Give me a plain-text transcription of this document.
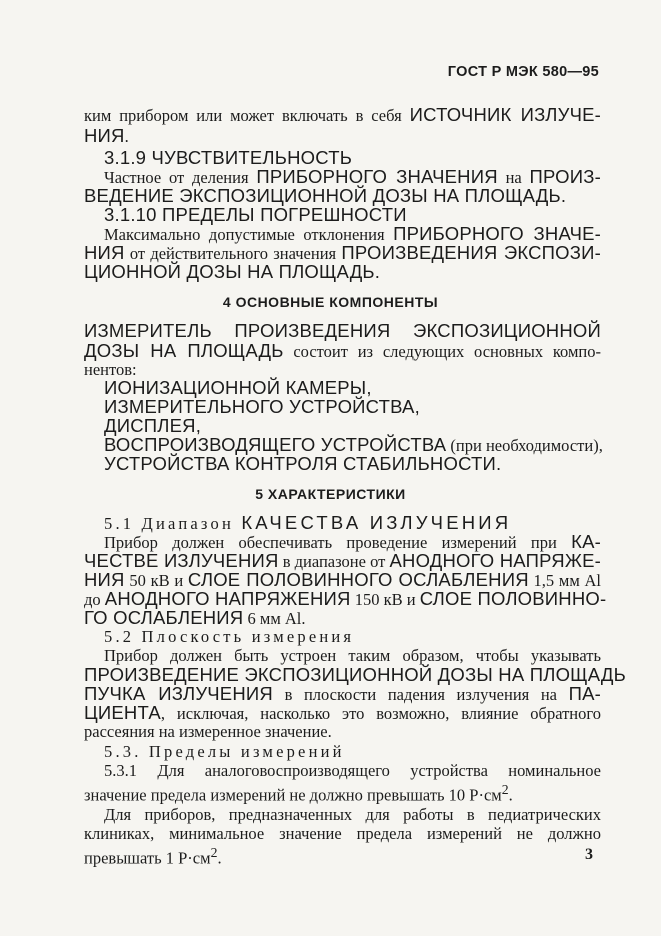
ГОСТ Р МЭК 580—95
ким прибором или может включать в себя ИСТОЧНИК ИЗЛУЧЕ-
НИЯ.
3.1.9 ЧУВСТВИТЕЛЬНОСТЬ
Частное от деления ПРИБОРНОГО ЗНАЧЕНИЯ на ПРОИЗ-
ВЕДЕНИЕ ЭКСПОЗИЦИОННОЙ ДОЗЫ НА ПЛОЩАДЬ.
3.1.10 ПРЕДЕЛЫ ПОГРЕШНОСТИ
Максимально допустимые отклонения ПРИБОРНОГО ЗНАЧЕ-
НИЯ от действительного значения ПРОИЗВЕДЕНИЯ ЭКСПОЗИ-
ЦИОННОЙ ДОЗЫ НА ПЛОЩАДЬ.
4 ОСНОВНЫЕ КОМПОНЕНТЫ
ИЗМЕРИТЕЛЬ ПРОИЗВЕДЕНИЯ ЭКСПОЗИЦИОННОЙ
ДОЗЫ НА ПЛОЩАДЬ состоит из следующих основных компо-
нентов:
ИОНИЗАЦИОННОЙ КАМЕРЫ,
ИЗМЕРИТЕЛЬНОГО УСТРОЙСТВА,
ДИСПЛЕЯ,
ВОСПРОИЗВОДЯЩЕГО УСТРОЙСТВА (при необходимости),
УСТРОЙСТВА КОНТРОЛЯ СТАБИЛЬНОСТИ.
5 ХАРАКТЕРИСТИКИ
5.1 Диапазон КАЧЕСТВА ИЗЛУЧЕНИЯ
Прибор должен обеспечивать проведение измерений при КА-
ЧЕСТВЕ ИЗЛУЧЕНИЯ в диапазоне от АНОДНОГО НАПРЯЖЕ-
НИЯ 50 кВ и СЛОЕ ПОЛОВИННОГО ОСЛАБЛЕНИЯ 1,5 мм Al
до АНОДНОГО НАПРЯЖЕНИЯ 150 кВ и СЛОЕ ПОЛОВИННО-
ГО ОСЛАБЛЕНИЯ 6 мм Al.
5.2 Плоскость измерения
Прибор должен быть устроен таким образом, чтобы указывать
ПРОИЗВЕДЕНИЕ ЭКСПОЗИЦИОННОЙ ДОЗЫ НА ПЛОЩАДЬ
ПУЧКА ИЗЛУЧЕНИЯ в плоскости падения излучения на ПА-
ЦИЕНТА, исключая, насколько это возможно, влияние обратного
рассеяния на измеренное значение.
5.3. Пределы измерений
5.3.1 Для аналоговоспроизводящего устройства номинальное
значение предела измерений не должно превышать 10 $Р\cdot см^2$.
Для приборов, предназначенных для работы в педиатрических
клиниках, минимальное значение предела измерений не должно
превышать 1 $Р\cdot см^2$.	3
